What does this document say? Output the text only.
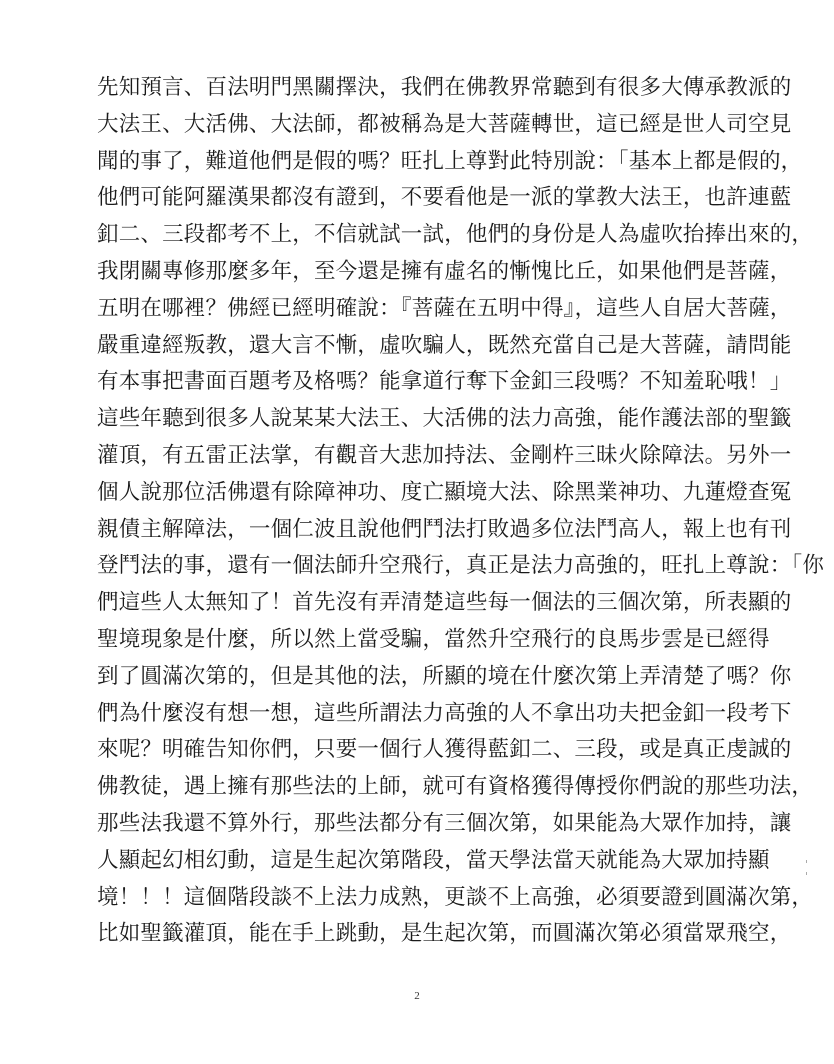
先知預言、百法明門黑關擇決，我們在佛教界常聽到有很多大傳承教派的
大法王、大活佛、大法師，都被稱為是大菩薩轉世，這已經是世人司空見
聞的事了，難道他們是假的嗎？旺扎上尊對此特別說：「基本上都是假的，
他們可能阿羅漢果都沒有證到，不要看他是一派的掌教大法王，也許連藍
釦二、三段都考不上，不信就試一試，他們的身份是人為虛吹抬捧出來的，
我閉關專修那麼多年，至今還是擁有虛名的慚愧比丘，如果他們是菩薩，
五明在哪裡？佛經已經明確說：『菩薩在五明中得』，這些人自居大菩薩，
嚴重違經叛教，還大言不慚，虛吹騙人，既然充當自己是大菩薩，請問能
有本事把書面百題考及格嗎？能拿道行奪下金釦三段嗎？不知羞恥哦！」
這些年聽到很多人說某某大法王、大活佛的法力高強，能作護法部的聖籤
灌頂，有五雷正法掌，有觀音大悲加持法、金剛杵三昧火除障法。另外一
個人說那位活佛還有除障神功、度亡顯境大法、除黑業神功、九蓮燈查冤
親債主解障法，一個仁波且說他們鬥法打敗過多位法鬥高人，報上也有刊
登鬥法的事，還有一個法師升空飛行，真正是法力高強的，旺扎上尊說：「你
們這些人太無知了！首先沒有弄清楚這些每一個法的三個次第，所表顯的
聖境現象是什麼，所以然上當受騙，當然升空飛行的良馬步雲是已經得
到了圓滿次第的，但是其他的法，所顯的境在什麼次第上弄清楚了嗎？你
們為什麼沒有想一想，這些所謂法力高強的人不拿出功夫把金釦一段考下
來呢？明確告知你們，只要一個行人獲得藍釦二、三段，或是真正虔誠的
佛教徒，遇上擁有那些法的上師，就可有資格獲得傳授你們說的那些功法，
那些法我還不算外行，那些法都分有三個次第，如果能為大眾作加持，讓
人顯起幻相幻動，這是生起次第階段，當天學法當天就能為大眾加持顯
境！！！這個階段談不上法力成熟，更談不上高強，必須要證到圓滿次第，
比如聖籤灌頂，能在手上跳動，是生起次第，而圓滿次第必須當眾飛空，
2
